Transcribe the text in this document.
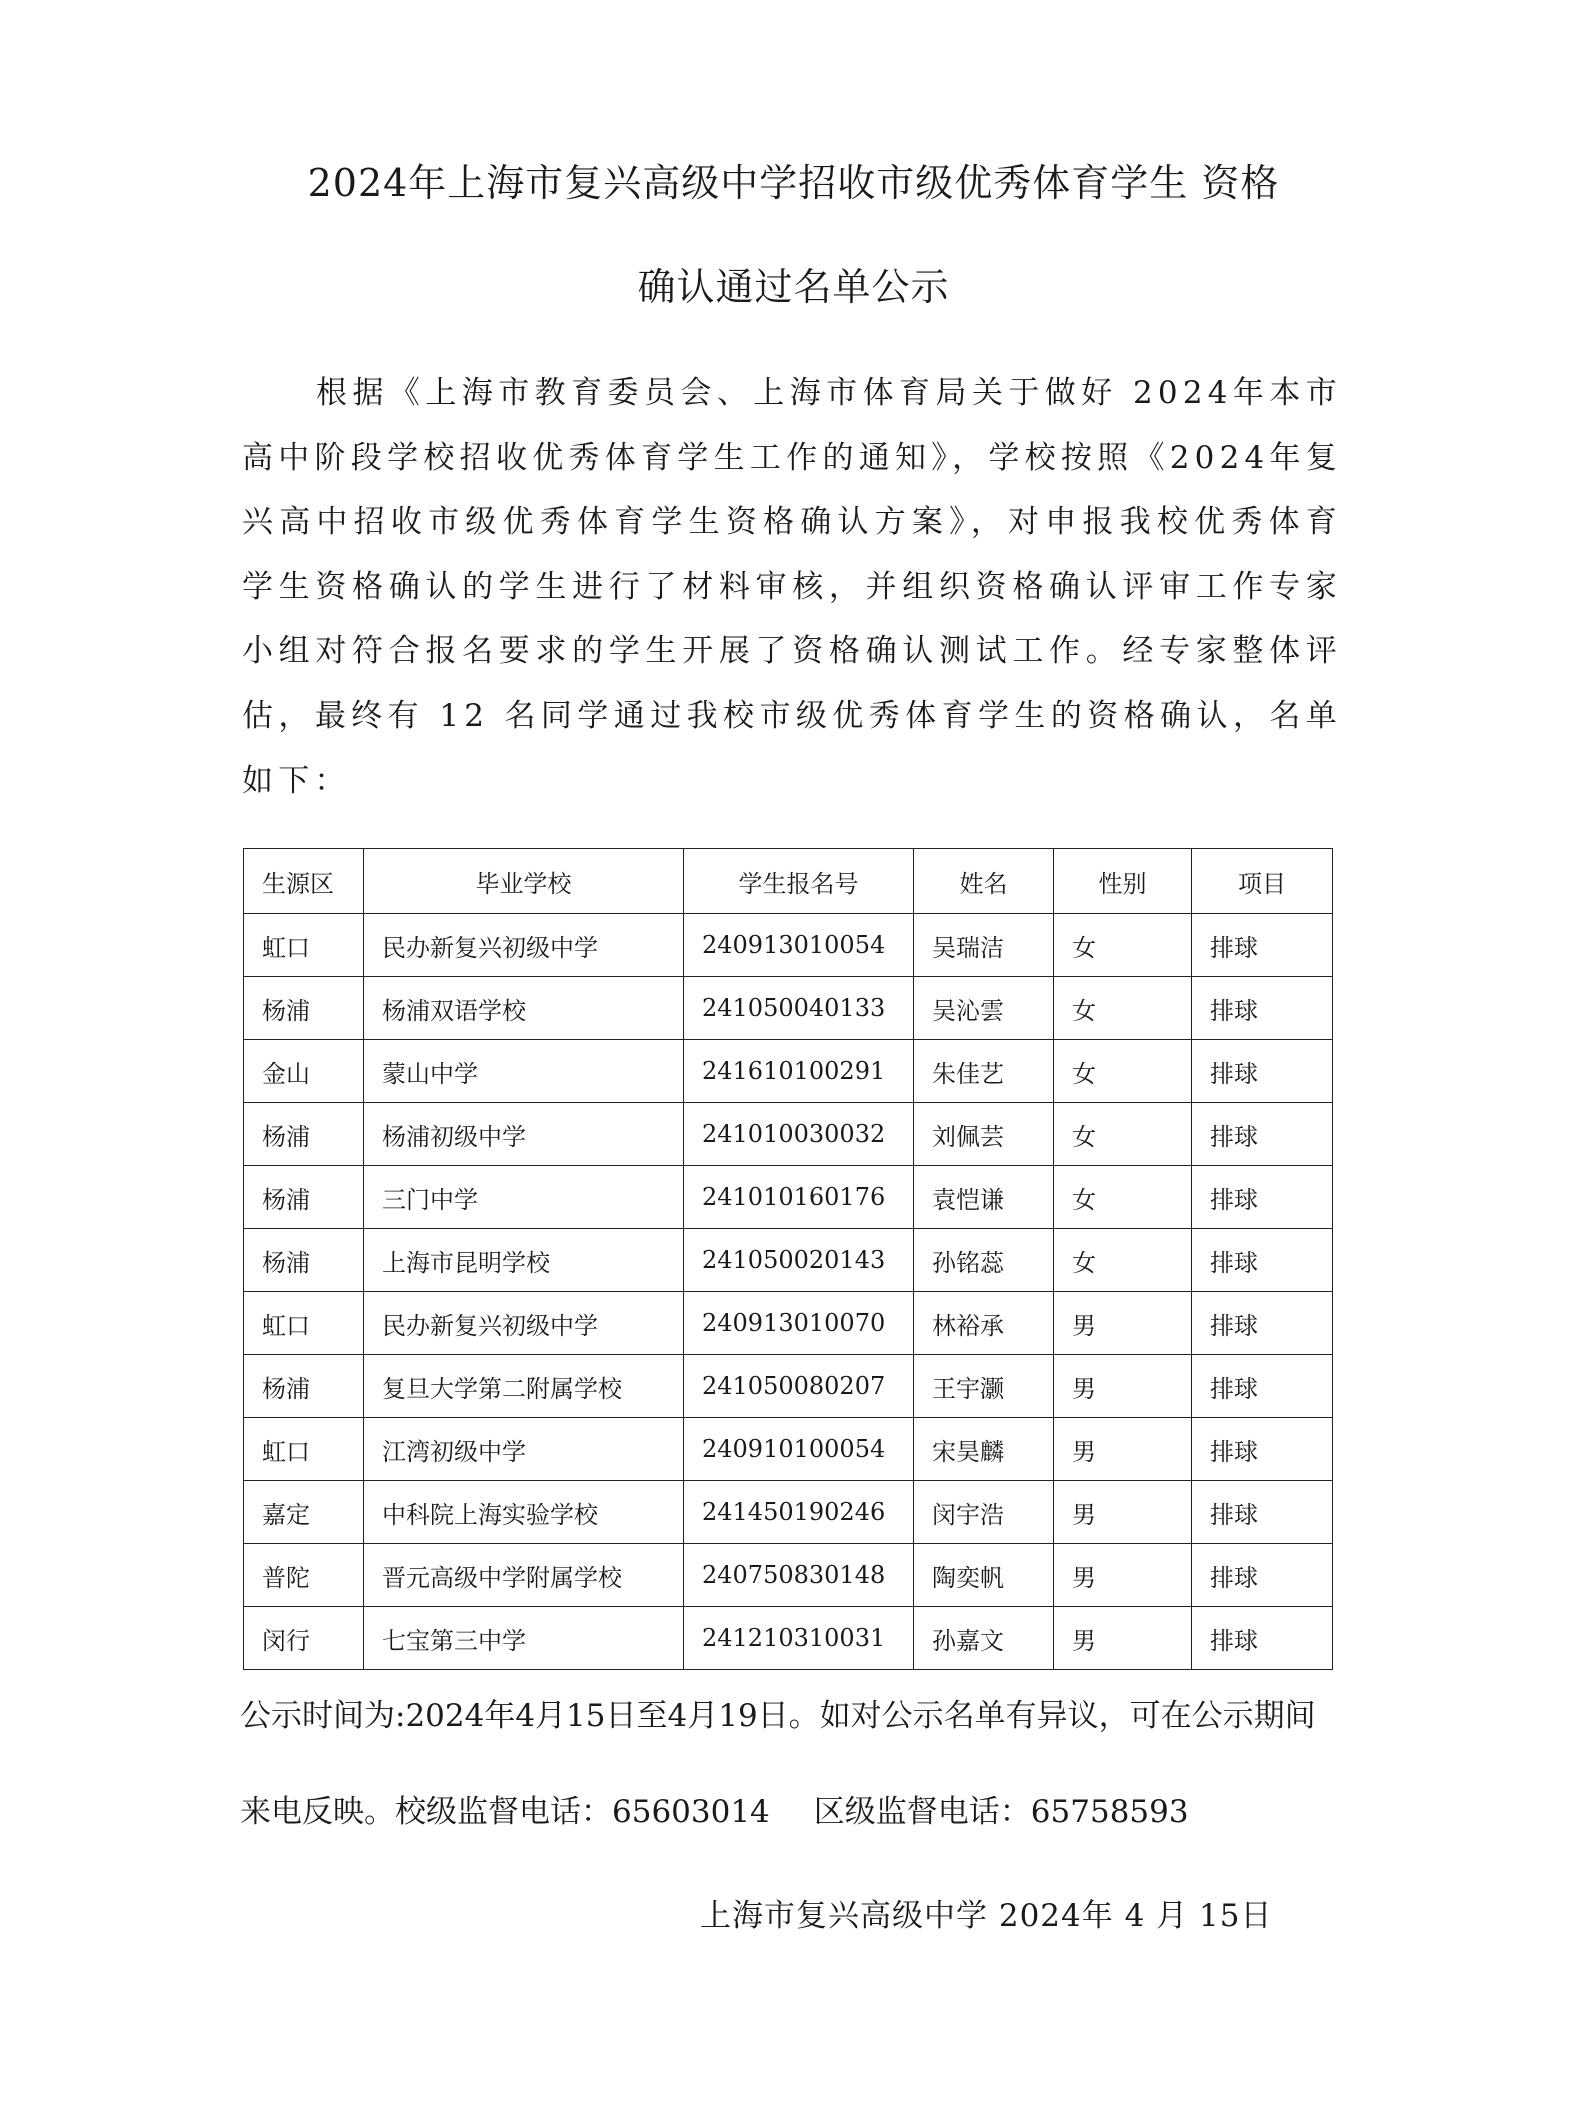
2024年上海市复兴高级中学招收市级优秀体育学生 资格
确认通过名单公示

根据《上海市教育委员会、上海市体育局关于做好 2024年本市高中阶段学校招收优秀体育学生工作的通知》，学校按照《2024年复兴高中招收市级优秀体育学生资格确认方案》，对申报我校优秀体育学生资格确认的学生进行了材料审核，并组织资格确认评审工作专家小组对符合报名要求的学生开展了资格确认测试工作。经专家整体评估，最终有 12 名同学通过我校市级优秀体育学生的资格确认，名单如下：

生源区	毕业学校	学生报名号	姓名	性别	项目
虹口	民办新复兴初级中学	240913010054	吴瑞洁	女	排球
杨浦	杨浦双语学校	241050040133	吴沁雲	女	排球
金山	蒙山中学	241610100291	朱佳艺	女	排球
杨浦	杨浦初级中学	241010030032	刘佩芸	女	排球
杨浦	三门中学	241010160176	袁恺谦	女	排球
杨浦	上海市昆明学校	241050020143	孙铭蕊	女	排球
虹口	民办新复兴初级中学	240913010070	林裕承	男	排球
杨浦	复旦大学第二附属学校	241050080207	王宇灏	男	排球
虹口	江湾初级中学	240910100054	宋昊麟	男	排球
嘉定	中科院上海实验学校	241450190246	闵宇浩	男	排球
普陀	晋元高级中学附属学校	240750830148	陶奕帆	男	排球
闵行	七宝第三中学	241210310031	孙嘉文	男	排球

公示时间为:2024年4月15日至4月19日。如对公示名单有异议，可在公示期间

来电反映。校级监督电话：65603014 区级监督电话：65758593

上海市复兴高级中学 2024年 4 月 15日
